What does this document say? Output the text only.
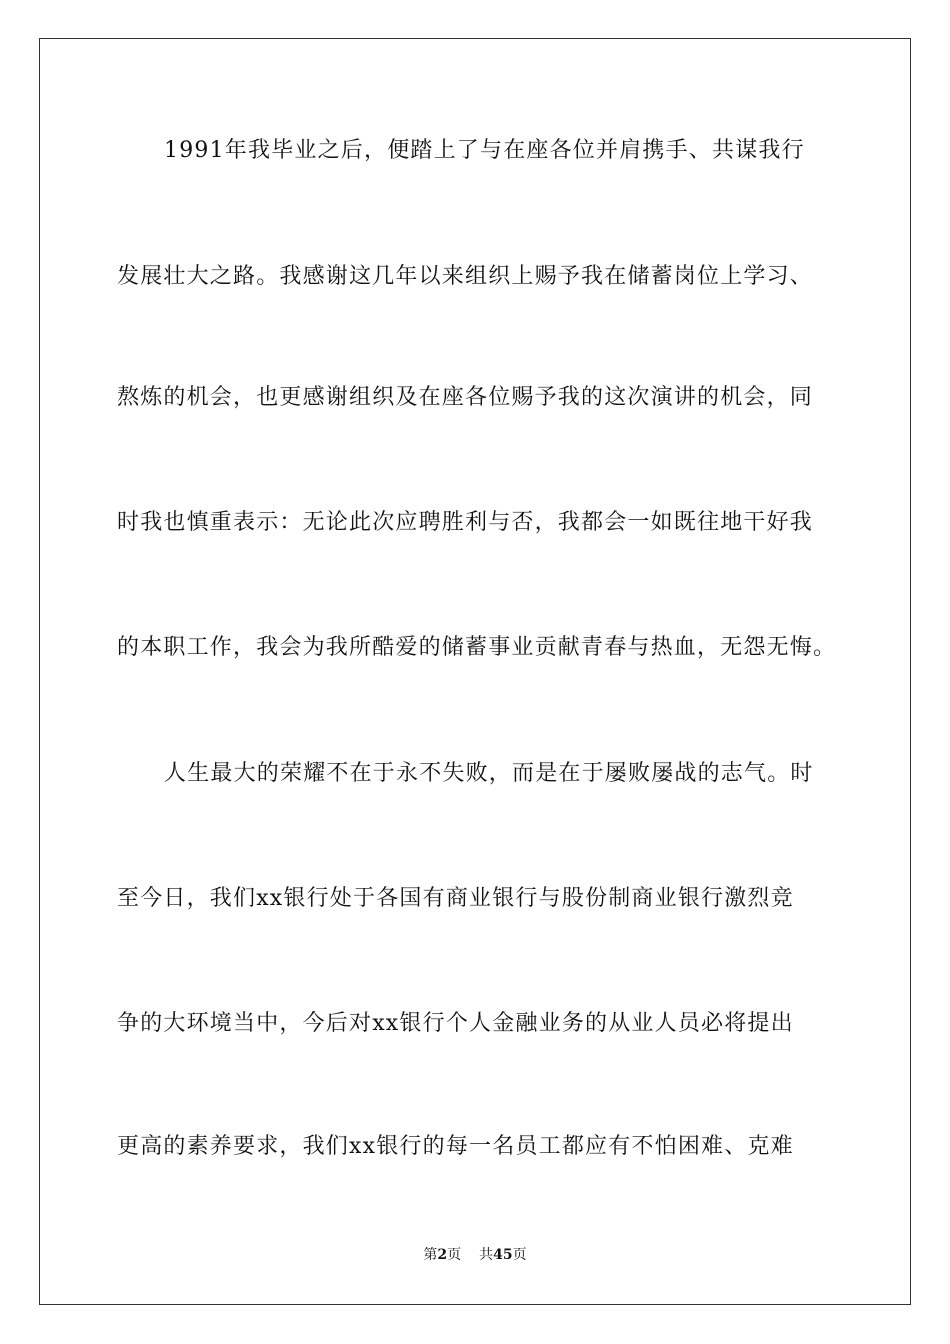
1991年我毕业之后，便踏上了与在座各位并肩携手、共谋我行
发展壮大之路。我感谢这几年以来组织上赐予我在储蓄岗位上学习、
熬炼的机会，也更感谢组织及在座各位赐予我的这次演讲的机会，同
时我也慎重表示：无论此次应聘胜利与否，我都会一如既往地干好我
的本职工作，我会为我所酷爱的储蓄事业贡献青春与热血，无怨无悔。
人生最大的荣耀不在于永不失败，而是在于屡败屡战的志气。时
至今日，我们xx银行处于各国有商业银行与股份制商业银行激烈竞
争的大环境当中，今后对xx银行个人金融业务的从业人员必将提出
更高的素养要求，我们xx银行的每一名员工都应有不怕困难、克难
第2页 共45页
